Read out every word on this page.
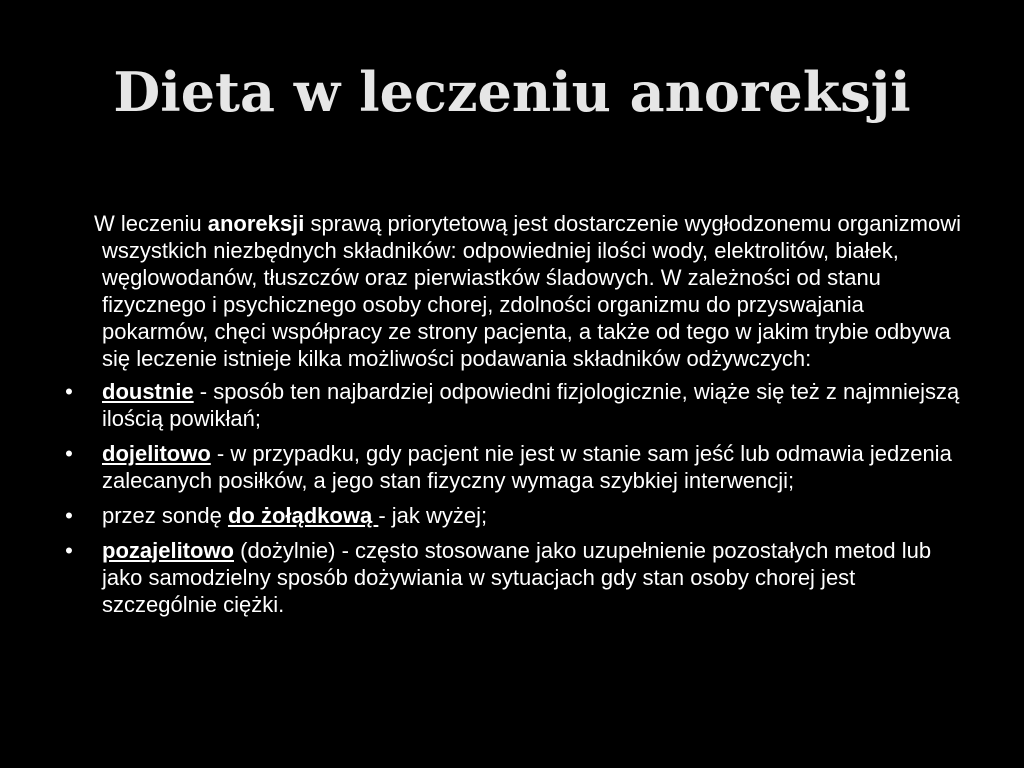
Dieta w leczeniu anoreksji

W leczeniu anoreksji sprawą priorytetową jest dostarczenie wygłodzonemu organizmowi wszystkich niezbędnych składników: odpowiedniej ilości wody, elektrolitów, białek, węglowodanów, tłuszczów oraz pierwiastków śladowych. W zależności od stanu fizycznego i psychicznego osoby chorej, zdolności organizmu do przyswajania pokarmów, chęci współpracy ze strony pacjenta, a także od tego w jakim trybie odbywa się leczenie istnieje kilka możliwości podawania składników odżywczych:

• doustnie - sposób ten najbardziej odpowiedni fizjologicznie, wiąże się też z najmniejszą ilością powikłań;
• dojelitowo - w przypadku, gdy pacjent nie jest w stanie sam jeść lub odmawia jedzenia zalecanych posiłków, a jego stan fizyczny wymaga szybkiej interwencji;
• przez sondę do żołądkową - jak wyżej;
• pozajelitowo (dożylnie) - często stosowane jako uzupełnienie pozostałych metod lub jako samodzielny sposób dożywiania w sytuacjach gdy stan osoby chorej jest szczególnie ciężki.
